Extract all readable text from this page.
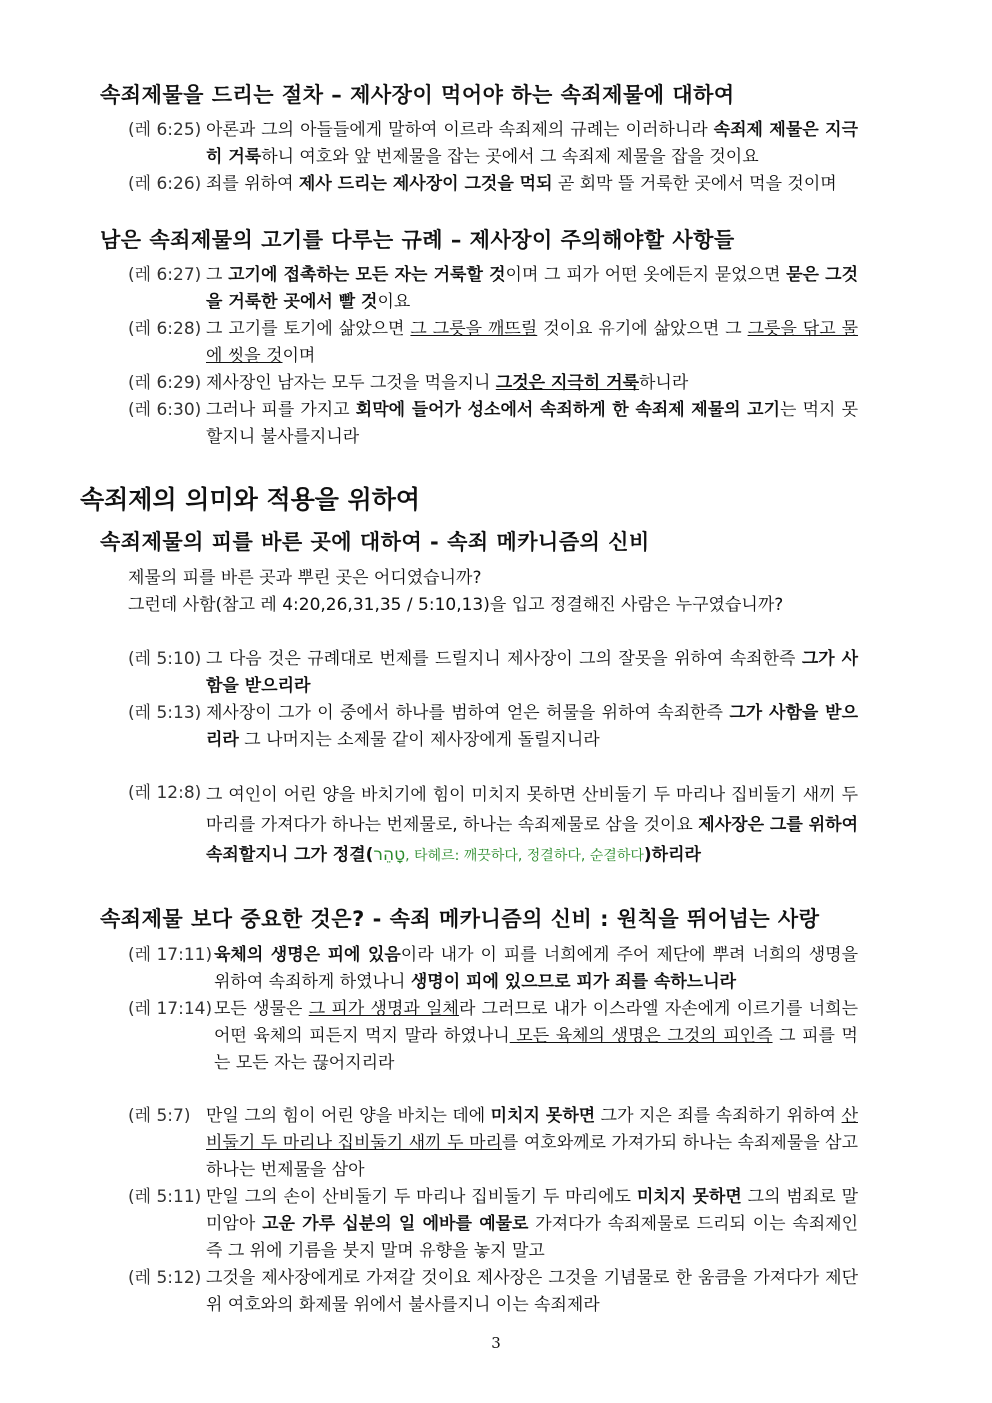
속죄제물을 드리는 절차 – 제사장이 먹어야 하는 속죄제물에 대하여
(레 6:25) 아론과 그의 아들들에게 말하여 이르라 속죄제의 규례는 이러하니라 속죄제 제물은 지극히 거룩하니 여호와 앞 번제물을 잡는 곳에서 그 속죄제 제물을 잡을 것이요
(레 6:26) 죄를 위하여 제사 드리는 제사장이 그것을 먹되 곧 회막 뜰 거룩한 곳에서 먹을 것이며
남은 속죄제물의 고기를 다루는 규례 – 제사장이 주의해야할 사항들
(레 6:27) 그 고기에 접촉하는 모든 자는 거룩할 것이며 그 피가 어떤 옷에든지 묻었으면 묻은 그것을 거룩한 곳에서 빨 것이요
(레 6:28) 그 고기를 토기에 삶았으면 그 그릇을 깨뜨릴 것이요 유기에 삶았으면 그 그릇을 닦고 물에 씻을 것이며
(레 6:29) 제사장인 남자는 모두 그것을 먹을지니 그것은 지극히 거룩하니라
(레 6:30) 그러나 피를 가지고 회막에 들어가 성소에서 속죄하게 한 속죄제 제물의 고기는 먹지 못할지니 불사를지니라
속죄제의 의미와 적용을 위하여
속죄제물의 피를 바른 곳에 대하여 - 속죄 메카니즘의 신비
제물의 피를 바른 곳과 뿌린 곳은 어디였습니까?
그런데 사함(참고 레 4:20,26,31,35 / 5:10,13)을 입고 정결해진 사람은 누구였습니까?
(레 5:10) 그 다음 것은 규례대로 번제를 드릴지니 제사장이 그의 잘못을 위하여 속죄한즉 그가 사함을 받으리라
(레 5:13) 제사장이 그가 이 중에서 하나를 범하여 얻은 허물을 위하여 속죄한즉 그가 사함을 받으리라 그 나머지는 소제물 같이 제사장에게 돌릴지니라
(레 12:8) 그 여인이 어린 양을 바치기에 힘이 미치지 못하면 산비둘기 두 마리나 집비둘기 새끼 두 마리를 가져다가 하나는 번제물로, 하나는 속죄제물로 삼을 것이요 제사장은 그를 위하여 속죄할지니 그가 정결(טָהֵר, 타헤르: 깨끗하다, 정결하다, 순결하다)하리라
속죄제물 보다 중요한 것은? - 속죄 메카니즘의 신비 : 원칙을 뛰어넘는 사랑
(레 17:11) 육체의 생명은 피에 있음이라 내가 이 피를 너희에게 주어 제단에 뿌려 너희의 생명을 위하여 속죄하게 하였나니 생명이 피에 있으므로 피가 죄를 속하느니라
(레 17:14) 모든 생물은 그 피가 생명과 일체라 그러므로 내가 이스라엘 자손에게 이르기를 너희는 어떤 육체의 피든지 먹지 말라 하였나니 모든 육체의 생명은 그것의 피인즉 그 피를 먹는 모든 자는 끊어지리라
(레 5:7) 만일 그의 힘이 어린 양을 바치는 데에 미치지 못하면 그가 지은 죄를 속죄하기 위하여 산비둘기 두 마리나 집비둘기 새끼 두 마리를 여호와께로 가져가되 하나는 속죄제물을 삼고 하나는 번제물을 삼아
(레 5:11) 만일 그의 손이 산비둘기 두 마리나 집비둘기 두 마리에도 미치지 못하면 그의 범죄로 말미암아 고운 가루 십분의 일 에바를 예물로 가져다가 속죄제물로 드리되 이는 속죄제인즉 그 위에 기름을 붓지 말며 유향을 놓지 말고
(레 5:12) 그것을 제사장에게로 가져갈 것이요 제사장은 그것을 기념물로 한 움큼을 가져다가 제단 위 여호와의 화제물 위에서 불사를지니 이는 속죄제라
3
